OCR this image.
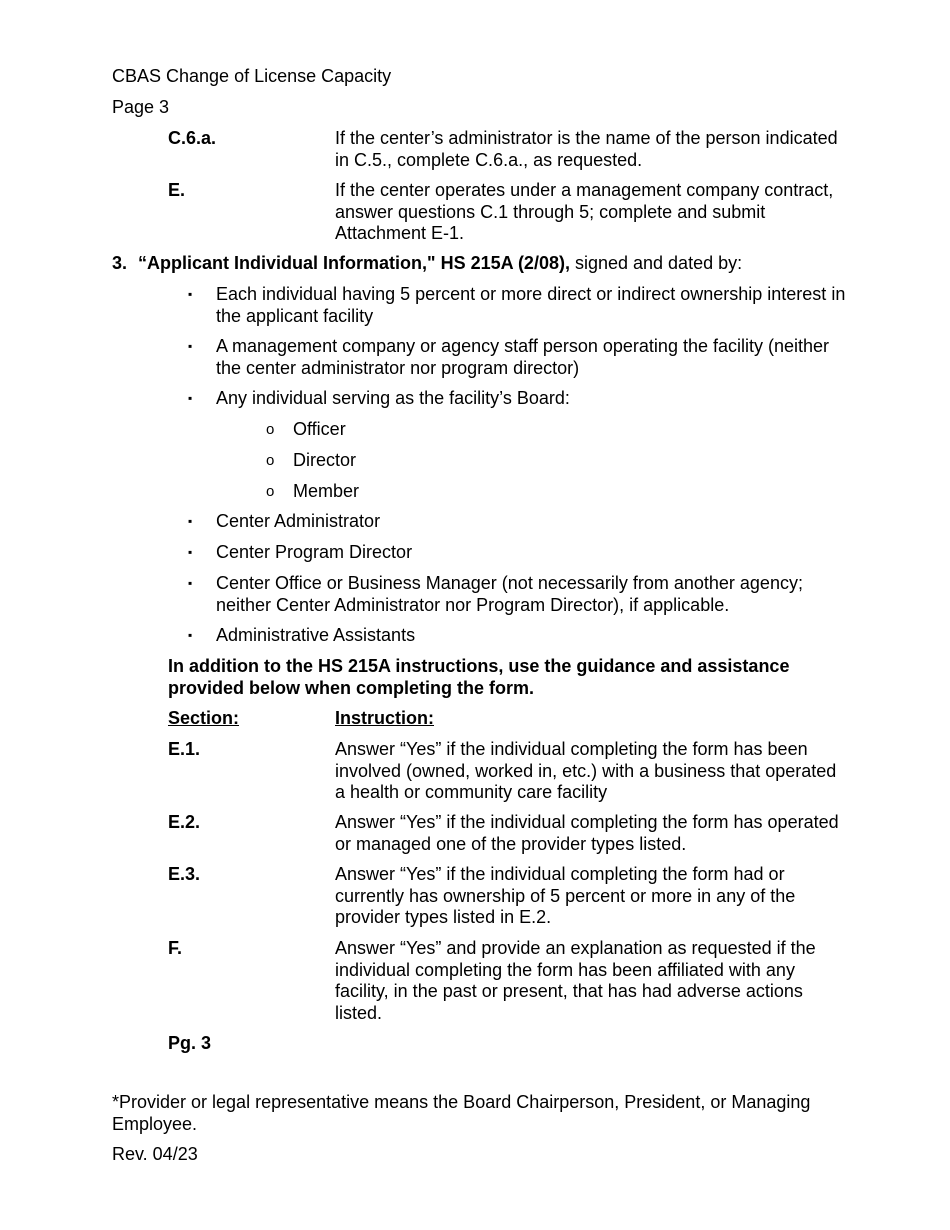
CBAS Change of License Capacity
Page 3
C.6.a.	If the center’s administrator is the name of the person indicated in C.5., complete C.6.a., as requested.
E.	If the center operates under a management company contract, answer questions C.1 through 5; complete and submit Attachment E-1.
3. “Applicant Individual Information," HS 215A (2/08), signed and dated by:
▪	Each individual having 5 percent or more direct or indirect ownership interest in the applicant facility
▪	A management company or agency staff person operating the facility (neither the center administrator nor program director)
▪	Any individual serving as the facility’s Board:
o Officer
o Director
o Member
▪	Center Administrator
▪	Center Program Director
▪	Center Office or Business Manager (not necessarily from another agency; neither Center Administrator nor Program Director), if applicable.
▪	Administrative Assistants
In addition to the HS 215A instructions, use the guidance and assistance provided below when completing the form.
Section:	Instruction:
E.1.	Answer “Yes” if the individual completing the form has been involved (owned, worked in, etc.) with a business that operated a health or community care facility
E.2.	Answer “Yes” if the individual completing the form has operated or managed one of the provider types listed.
E.3.	Answer “Yes” if the individual completing the form had or currently has ownership of 5 percent or more in any of the provider types listed in E.2.
F.	Answer “Yes” and provide an explanation as requested if the individual completing the form has been affiliated with any facility, in the past or present, that has had adverse actions listed.
Pg. 3
*Provider or legal representative means the Board Chairperson, President, or Managing Employee.
Rev. 04/23
